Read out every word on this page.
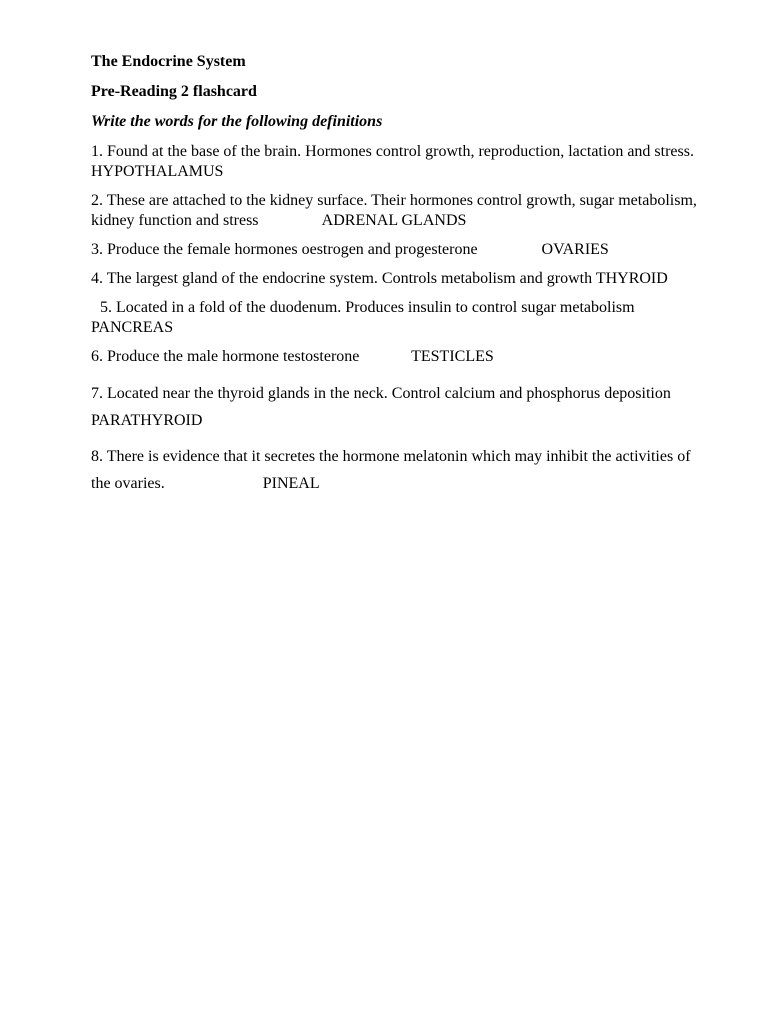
The Endocrine System

Pre-Reading 2 flashcard

Write the words for the following definitions

1. Found at the base of the brain. Hormones control growth, reproduction, lactation and stress. HYPOTHALAMUS

2. These are attached to the kidney surface. Their hormones control growth, sugar metabolism, kidney function and stress	ADRENAL GLANDS

3. Produce the female hormones oestrogen and progesterone	OVARIES

4. The largest gland of the endocrine system. Controls metabolism and growth THYROID

5. Located in a fold of the duodenum. Produces insulin to control sugar metabolism
PANCREAS

6. Produce the male hormone testosterone	TESTICLES

7. Located near the thyroid glands in the neck. Control calcium and phosphorus deposition
PARATHYROID

8. There is evidence that it secretes the hormone melatonin which may inhibit the activities of the ovaries.	PINEAL
